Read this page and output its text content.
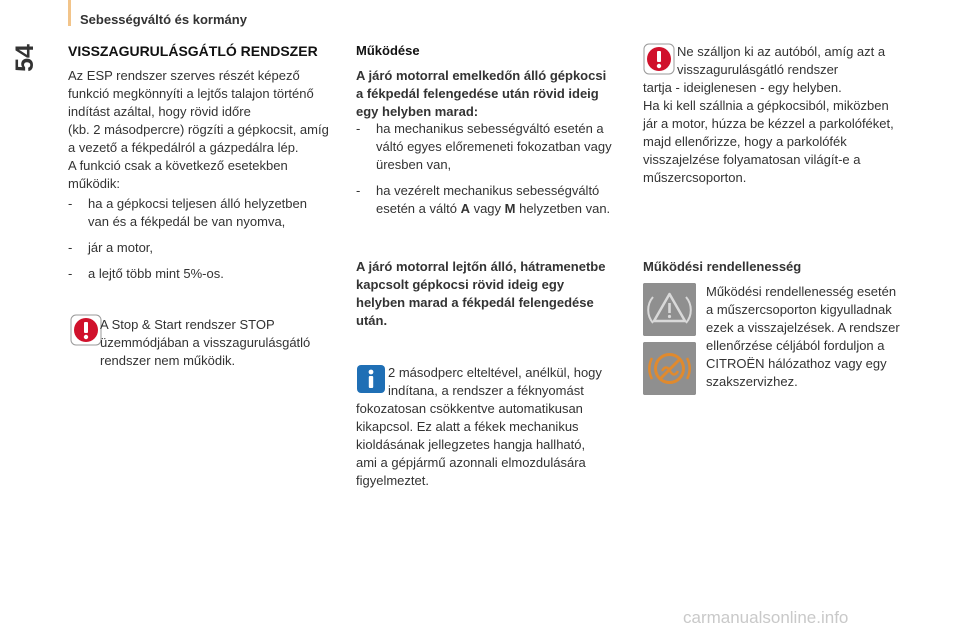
54
Sebességváltó és kormány
VISSZAGURULÁSGÁTLÓ RENDSZER

Az ESP rendszer szerves részét képező

funkció megkönnyíti a lejtős talajon történő

indítást azáltal, hogy rövid időre

(kb. 2 másodpercre) rögzíti a gépkocsit, amíg

a vezető a fékpedálról a gázpedálra lép.

A funkció csak a következő esetekben

működik:

-	ha a gépkocsi teljesen álló helyzetben
van és a fékpedál be van nyomva,
-	jár a motor,
-	a lejtő több mint 5%-os.

A Stop & Start rendszer STOP

üzemmódjában a visszagurulásgátló

rendszer nem működik.

Működése

A járó motorral emelkedőn álló gépkocsi

a fékpedál felengedése után rövid ideig

egy helyben marad:

-	ha mechanikus sebességváltó esetén a
váltó egyes előremeneti fokozatban vagy
üresben van,
-	ha vezérelt mechanikus sebességváltó
esetén a váltó A vagy M helyzetben van.

A járó motorral lejtőn álló, hátramenetbe

kapcsolt gépkocsi rövid ideig egy

helyben marad a fékpedál felengedése

után.

2 másodperc elteltével, anélkül, hogy

indítana, a rendszer a féknyomást

fokozatosan csökkentve automatikusan

kikapcsol. Ez alatt a fékek mechanikus

kioldásának jellegzetes hangja hallható,

ami a gépjármű azonnali elmozdulására

figyelmeztet.

Ne szálljon ki az autóból, amíg azt a

visszagurulásgátló rendszer

tartja - ideiglenesen - egy helyben.

Ha ki kell szállnia a gépkocsiból, miközben

jár a motor, húzza be kézzel a parkolóféket,

majd ellenőrizze, hogy a parkolófék

visszajelzése folyamatosan világít-e a

műszercsoporton.

Működési rendellenesség

Működési rendellenesség esetén

a műszercsoporton kigyulladnak

ezek a visszajelzések. A rendszer

ellenőrzése céljából forduljon a

CITROËN hálózathoz vagy egy

szakszervizhez.

carmanualsonline.info
